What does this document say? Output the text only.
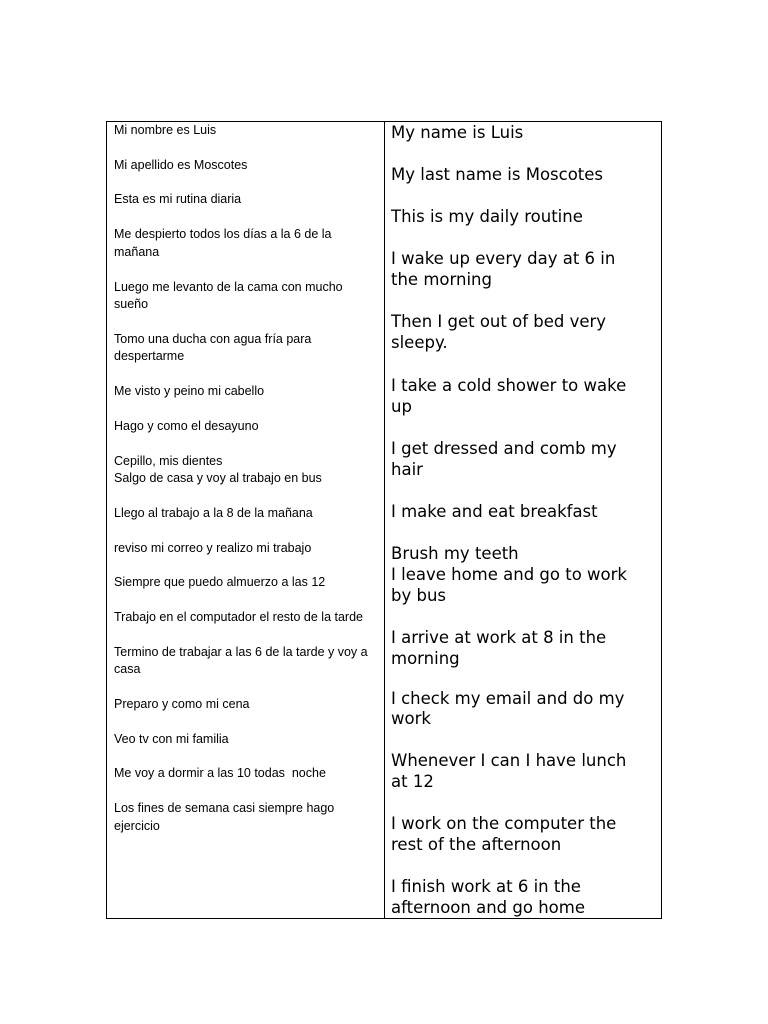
Mi nombre es Luis
Mi apellido es Moscotes
Esta es mi rutina diaria
Me despierto todos los días a la 6 de la
mañana
Luego me levanto de la cama con mucho
sueño
Tomo una ducha con agua fría para
despertarme
Me visto y peino mi cabello
Hago y como el desayuno
Cepillo, mis dientes
Salgo de casa y voy al trabajo en bus
Llego al trabajo a la 8 de la mañana
reviso mi correo y realizo mi trabajo
Siempre que puedo almuerzo a las 12
Trabajo en el computador el resto de la tarde
Termino de trabajar a las 6 de la tarde y voy a
casa
Preparo y como mi cena
Veo tv con mi familia
Me voy a dormir a las 10 todas  noche
Los fines de semana casi siempre hago
ejercicio
My name is Luis
My last name is Moscotes
This is my daily routine
I wake up every day at 6 in
the morning
Then I get out of bed very
sleepy.
I take a cold shower to wake
up
I get dressed and comb my
hair
I make and eat breakfast
Brush my teeth
I leave home and go to work
by bus
I arrive at work at 8 in the
morning
I check my email and do my
work
Whenever I can I have lunch
at 12
I work on the computer the
rest of the afternoon
I finish work at 6 in the
afternoon and go home
